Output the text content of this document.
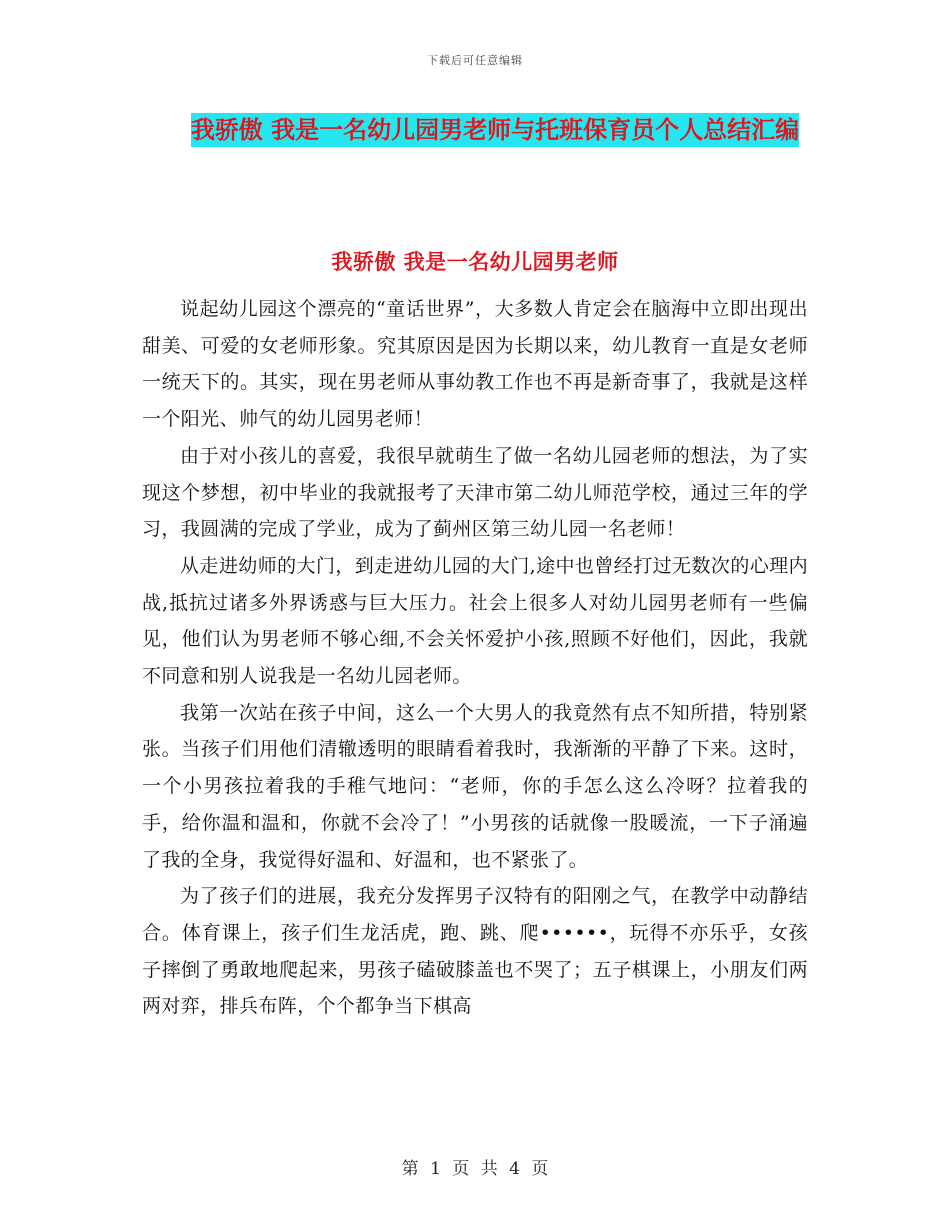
下载后可任意编辑
我骄傲 我是一名幼儿园男老师与托班保育员个人总结汇编
我骄傲 我是一名幼儿园男老师

说起幼儿园这个漂亮的“童话世界”，大多数人肯定会在脑海中立即出现出甜美、可爱的女老师形象。究其原因是因为长期以来，幼儿教育一直是女老师一统天下的。其实，现在男老师从事幼教工作也不再是新奇事了，我就是这样一个阳光、帅气的幼儿园男老师！

由于对小孩儿的喜爱，我很早就萌生了做一名幼儿园老师的想法，为了实现这个梦想，初中毕业的我就报考了天津市第二幼儿师范学校，通过三年的学习，我圆满的完成了学业，成为了蓟州区第三幼儿园一名老师！

从走进幼师的大门，到走进幼儿园的大门,途中也曾经打过无数次的心理内战,抵抗过诸多外界诱惑与巨大压力。社会上很多人对幼儿园男老师有一些偏见，他们认为男老师不够心细,不会关怀爱护小孩,照顾不好他们，因此，我就不同意和别人说我是一名幼儿园老师。

我第一次站在孩子中间，这么一个大男人的我竟然有点不知所措，特别紧张。当孩子们用他们清辙透明的眼睛看着我时，我渐渐的平静了下来。这时，一个小男孩拉着我的手稚气地问：“老师，你的手怎么这么冷呀？拉着我的手，给你温和温和，你就不会冷了！”小男孩的话就像一股暖流，一下子涌遍了我的全身，我觉得好温和、好温和，也不紧张了。

为了孩子们的进展，我充分发挥男子汉特有的阳刚之气，在教学中动静结合。体育课上，孩子们生龙活虎，跑、跳、爬••••••，玩得不亦乐乎，女孩子摔倒了勇敢地爬起来，男孩子磕破膝盖也不哭了；五子棋课上，小朋友们两两对弈，排兵布阵，个个都争当下棋高

第 1 页 共 4 页
